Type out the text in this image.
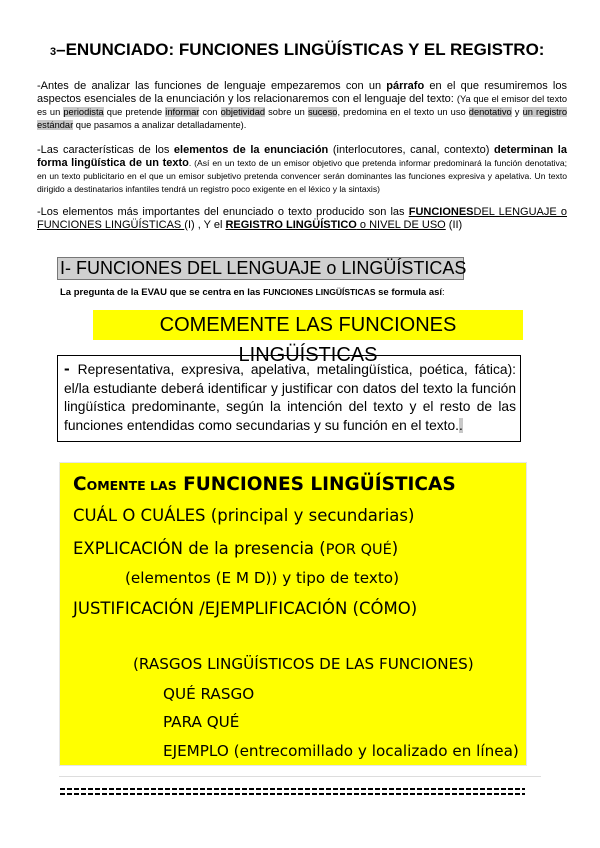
3–ENUNCIADO: FUNCIONES LINGÜÍSTICAS Y EL REGISTRO:
-Antes de analizar las funciones de lenguaje empezaremos con un párrafo en el que resumiremos los aspectos esenciales de la enunciación y los relacionaremos con el lenguaje del texto: (Ya que el emisor del texto es un periodista que pretende informar con objetividad sobre un suceso, predomina en el texto un uso denotativo y un registro estándar que pasamos a analizar detalladamente).
-Las características de los elementos de la enunciación (interlocutores, canal, contexto) determinan la forma lingüística de un texto. (Así en un texto de un emisor objetivo que pretenda informar predominará la función denotativa; en un texto publicitario en el que un emisor subjetivo pretenda convencer serán dominantes las funciones expresiva y apelativa. Un texto dirigido a destinatarios infantiles tendrá un registro poco exigente en el léxico y la sintaxis)
-Los elementos más importantes del enunciado o texto producido son las FUNCIONESDEL LENGUAJE o FUNCIONES LINGÜÍSTICAS (I) , Y el REGISTRO LINGÜÍSTICO o NIVEL DE USO (II)
I- FUNCIONES DEL LENGUAJE o LINGÜÍSTICAS
La pregunta de la EVAU que se centra en las FUNCIONES LINGÜÍSTICAS se formula así:
COMEMENTE LAS FUNCIONES LINGÜÍSTICAS
- Representativa, expresiva, apelativa, metalingüística, poética, fática): el/la estudiante deberá identificar y justificar con datos del texto la función lingüística predominante, según la intención del texto y el resto de las funciones entendidas como secundarias y su función en el texto..
COMENTE LAS FUNCIONES LINGÜÍSTICAS
CUÁL O CUÁLES (principal y secundarias)
EXPLICACIÓN de la presencia (POR QUÉ)
(elementos (E M D)) y tipo de texto)
JUSTIFICACIÓN /EJEMPLIFICACIÓN (CÓMO)
(RASGOS LINGÜÍSTICOS DE LAS FUNCIONES)
QUÉ RASGO
PARA QUÉ
EJEMPLO (entrecomillado y localizado en línea)
